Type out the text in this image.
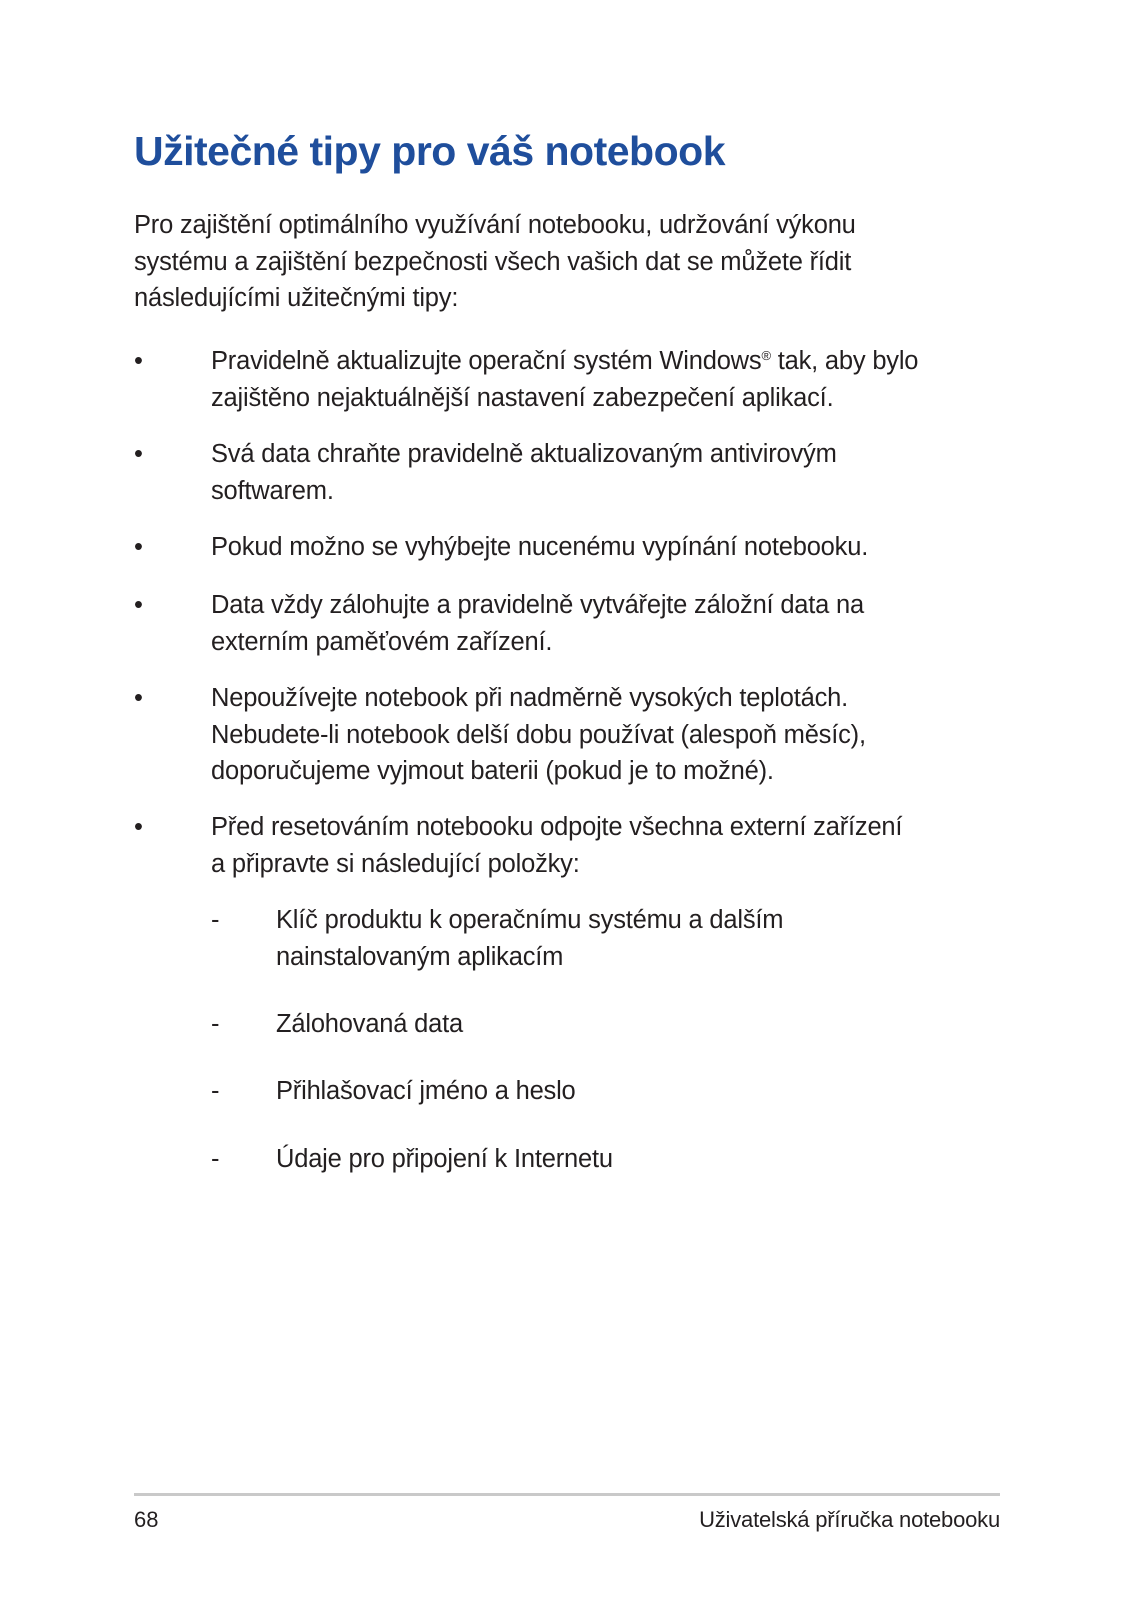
Užitečné tipy pro váš notebook

Pro zajištění optimálního využívání notebooku, udržování výkonu
systému a zajištění bezpečnosti všech vašich dat se můžete řídit
následujícími užitečnými tipy:

•	Pravidelně aktualizujte operační systém Windows® tak, aby bylo
zajištěno nejaktuálnější nastavení zabezpečení aplikací.
•	Svá data chraňte pravidelně aktualizovaným antivirovým
softwarem.
•	Pokud možno se vyhýbejte nucenému vypínání notebooku.
•	Data vždy zálohujte a pravidelně vytvářejte záložní data na
externím paměťovém zařízení.
•	Nepoužívejte notebook při nadměrně vysokých teplotách.
Nebudete-li notebook delší dobu používat (alespoň měsíc),
doporučujeme vyjmout baterii (pokud je to možné).
•	Před resetováním notebooku odpojte všechna externí zařízení
a připravte si následující položky:
- Klíč produktu k operačnímu systému a dalším
nainstalovaným aplikacím
- Zálohovaná data
- Přihlašovací jméno a heslo
- Údaje pro připojení k Internetu
68	Uživatelská příručka notebooku
